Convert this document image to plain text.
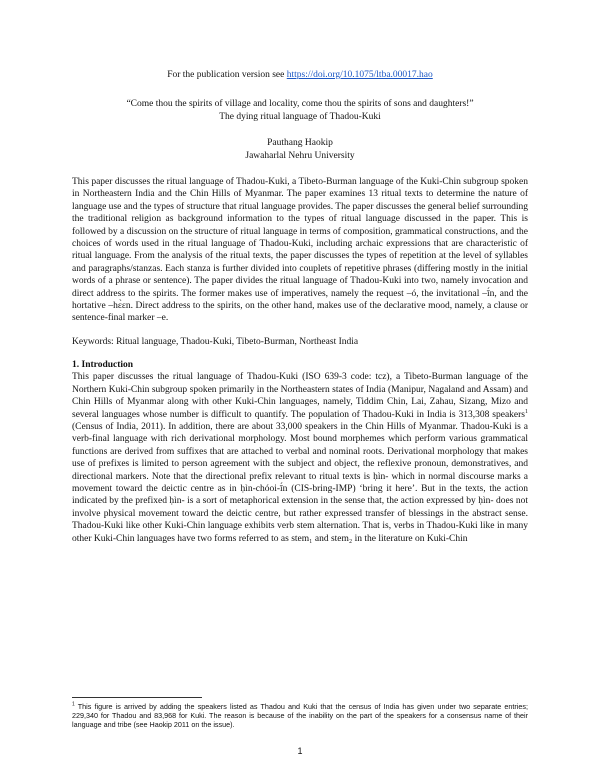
For the publication version see https://doi.org/10.1075/ltba.00017.hao
“Come thou the spirits of village and locality, come thou the spirits of sons and daughters!”
The dying ritual language of Thadou-Kuki
Pauthang Haokip
Jawaharlal Nehru University

This paper discusses the ritual language of Thadou-Kuki, a Tibeto-Burman language of the Kuki-Chin subgroup spoken in Northeastern India and the Chin Hills of Myanmar. The paper examines 13 ritual texts to determine the nature of language use and the types of structure that ritual language provides. The paper discusses the general belief surrounding the traditional religion as background information to the types of ritual language discussed in the paper. This is followed by a discussion on the structure of ritual language in terms of composition, grammatical constructions, and the choices of words used in the ritual language of Thadou-Kuki, including archaic expressions that are characteristic of ritual language. From the analysis of the ritual texts, the paper discusses the types of repetition at the level of syllables and paragraphs/stanzas. Each stanza is further divided into couplets of repetitive phrases (differing mostly in the initial words of a phrase or sentence). The paper divides the ritual language of Thadou-Kuki into two, namely invocation and direct address to the spirits. The former makes use of imperatives, namely the request –ó, the invitational –ī́n, and the hortative –hɛ̀ɛn. Direct address to the spirits, on the other hand, makes use of the declarative mood, namely, a clause or sentence-final marker –e.

Keywords: Ritual language, Thadou-Kuki, Tibeto-Burman, Northeast India

1. Introduction

This paper discusses the ritual language of Thadou-Kuki (ISO 639-3 code: tcz), a Tibeto-Burman language of the Northern Kuki-Chin subgroup spoken primarily in the Northeastern states of India (Manipur, Nagaland and Assam) and Chin Hills of Myanmar along with other Kuki-Chin languages, namely, Tiddim Chin, Lai, Zahau, Sizang, Mizo and several languages whose number is difficult to quantify. The population of Thadou-Kuki in India is 313,308 speakers$^1$ (Census of India, 2011). In addition, there are about 33,000 speakers in the Chin Hills of Myanmar. Thadou-Kuki is a verb-final language with rich derivational morphology. Most bound morphemes which perform various grammatical functions are derived from suffixes that are attached to verbal and nominal roots. Derivational morphology that makes use of prefixes is limited to person agreement with the subject and object, the reflexive pronoun, demonstratives, and directional markers. Note that the directional prefix relevant to ritual texts is ḥìn- which in normal discourse marks a movement toward the deictic centre as in ḥìn-chóoi-ī́n (CIS-bring-IMP) ‘bring it here’. But in the texts, the action indicated by the prefixed ḥìn- is a sort of metaphorical extension in the sense that, the action expressed by ḥìn- does not involve physical movement toward the deictic centre, but rather expressed transfer of blessings in the abstract sense. Thadou-Kuki like other Kuki-Chin language exhibits verb stem alternation. That is, verbs in Thadou-Kuki like in many other Kuki-Chin languages have two forms referred to as stem₁ and stem₂ in the literature on Kuki-Chin

$^1$ This figure is arrived by adding the speakers listed as Thadou and Kuki that the census of India has given under two separate entries; 229,340 for Thadou and 83,968 for Kuki. The reason is because of the inability on the part of the speakers for a consensus name of their language and tribe (see Haokip 2011 on the issue).
1
